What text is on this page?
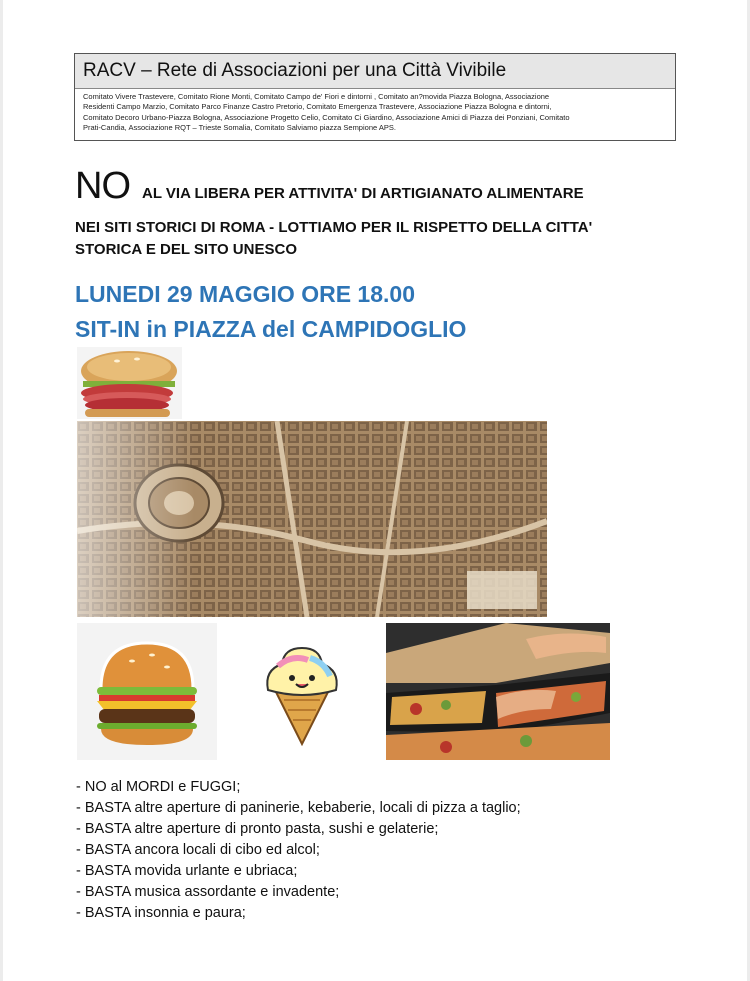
RACV – Rete di Associazioni per una Città Vivibile
Comitato Vivere Trastevere, Comitato Rione Monti, Comitato Campo de' Fiori e dintorni , Comitato an?movida Piazza Bologna, Associazione
Residenti Campo Marzio, Comitato Parco Finanze Castro Pretorio, Comitato Emergenza Trastevere, Associazione Piazza Bologna e dintorni,
Comitato Decoro Urbano-Piazza Bologna, Associazione Progetto Celio, Comitato Ci Giardino, Associazione Amici di Piazza dei Ponziani, Comitato
Prati-Candia, Associazione RQT – Trieste Somalia, Comitato Salviamo piazza Sempione APS.
NO AL VIA LIBERA PER ATTIVITA' DI ARTIGIANATO ALIMENTARE
NEI SITI STORICI DI ROMA - LOTTIAMO PER IL RISPETTO DELLA CITTA'
STORICA E DEL SITO UNESCO
LUNEDI 29 MAGGIO ORE 18.00
SIT-IN in PIAZZA del CAMPIDOGLIO
- NO al MORDI e FUGGI;
- BASTA altre aperture di paninerie, kebaberie, locali di pizza a taglio;
- BASTA altre aperture di pronto pasta, sushi e gelaterie;
- BASTA ancora locali di cibo ed alcol;
- BASTA movida urlante e ubriaca;
- BASTA musica assordante e invadente;
- BASTA insonnia e paura;
